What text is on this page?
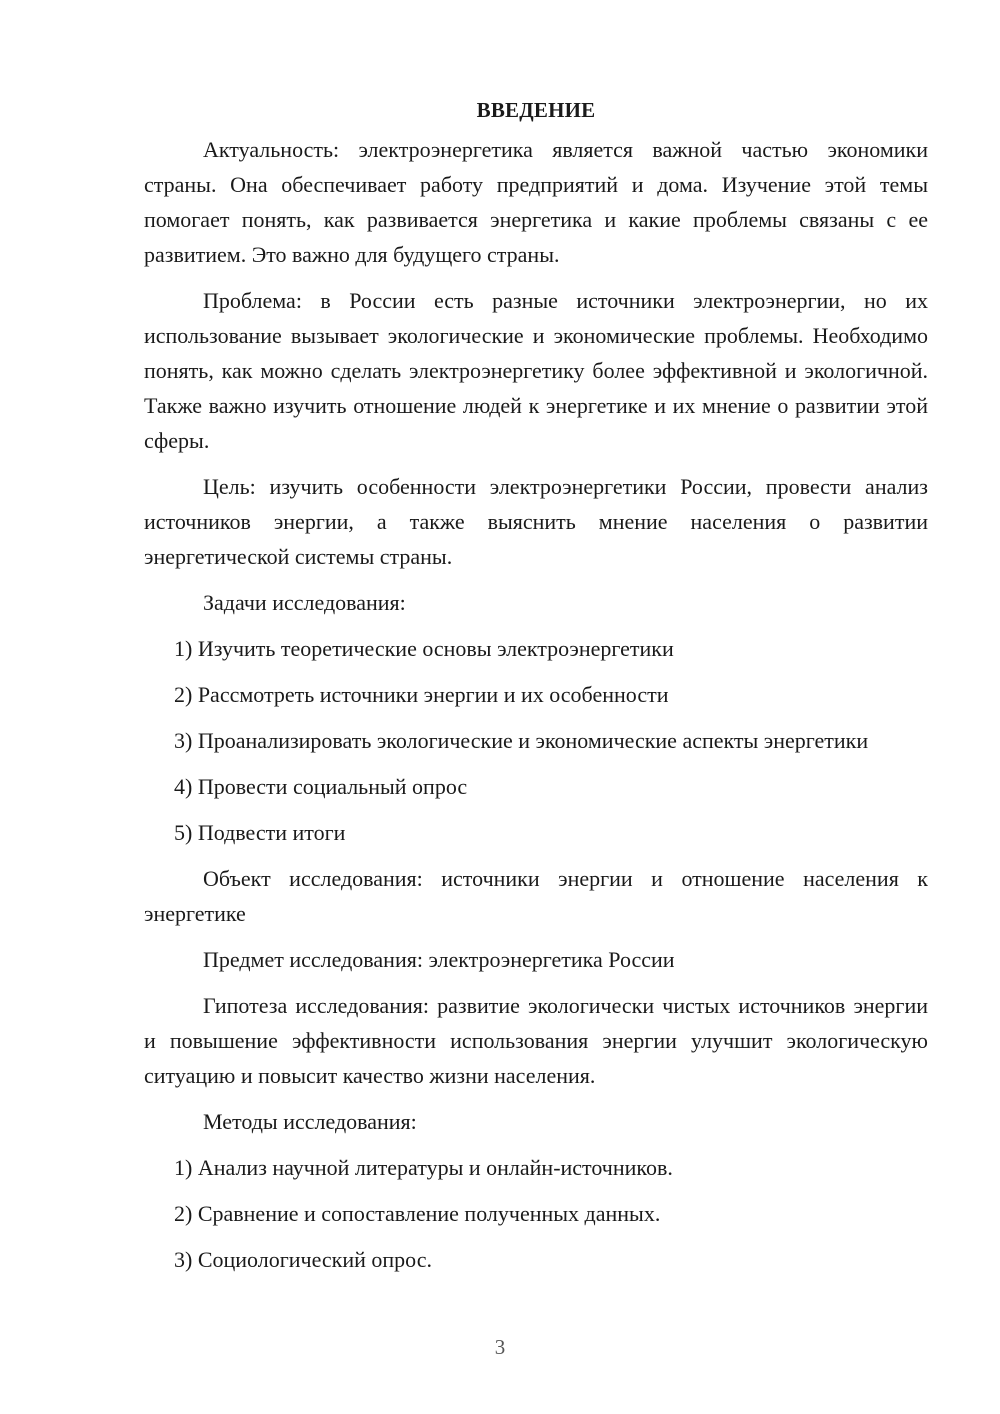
ВВЕДЕНИЕ

Актуальность: электроэнергетика является важной частью экономики страны. Она обеспечивает работу предприятий и дома. Изучение этой темы помогает понять, как развивается энергетика и какие проблемы связаны с ее развитием. Это важно для будущего страны.

Проблема: в России есть разные источники электроэнергии, но их использование вызывает экологические и экономические проблемы. Необходимо понять, как можно сделать электроэнергетику более эффективной и экологичной. Также важно изучить отношение людей к энергетике и их мнение о развитии этой сферы.

Цель: изучить особенности электроэнергетики России, провести анализ источников энергии, а также выяснить мнение населения о развитии энергетической системы страны.

Задачи исследования:

1) Изучить теоретические основы электроэнергетики

2) Рассмотреть источники энергии и их особенности

3) Проанализировать экологические и экономические аспекты энергетики

4) Провести социальный опрос

5) Подвести итоги

Объект исследования: источники энергии и отношение населения к энергетике

Предмет исследования: электроэнергетика России

Гипотеза исследования: развитие экологически чистых источников энергии и повышение эффективности использования энергии улучшит экологическую ситуацию и повысит качество жизни населения.

Методы исследования:

1) Анализ научной литературы и онлайн-источников.

2) Сравнение и сопоставление полученных данных.

3) Социологический опрос.

3
